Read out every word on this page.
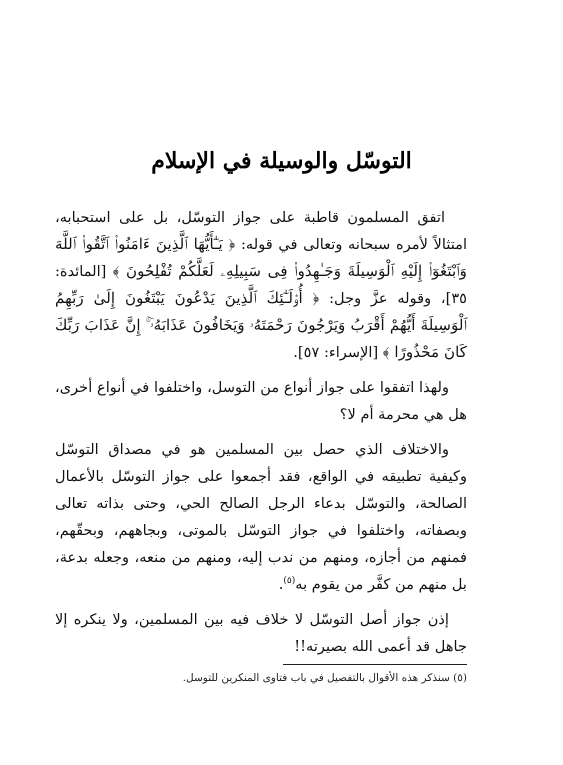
التوسّل والوسيلة في الإسلام

اتفق المسلمون قاطبة على جواز التوسّل، بل على استحبابه، امتثالاً لأمره سبحانه وتعالى في قوله: ﴿ يَـٰٓأَيُّهَا ٱلَّذِينَ ءَامَنُوا۟ ٱتَّقُوا۟ ٱللَّهَ وَٱبْتَغُوٓا۟ إِلَيْهِ ٱلْوَسِيلَةَ وَجَـٰهِدُوا۟ فِى سَبِيلِهِۦ لَعَلَّكُمْ تُفْلِحُونَ ﴾ [المائدة: ٣٥]، وقوله عزَّ وجل: ﴿ أُو۟لَـٰٓئِكَ ٱلَّذِينَ يَدْعُونَ يَبْتَغُونَ إِلَىٰ رَبِّهِمُ ٱلْوَسِيلَةَ أَيُّهُمْ أَقْرَبُ وَيَرْجُونَ رَحْمَتَهُۥ وَيَخَافُونَ عَذَابَهُۥٓ ۚ إِنَّ عَذَابَ رَبِّكَ كَانَ مَحْذُورًا ﴾ [الإسراء: ٥٧].

ولهذا اتفقوا على جواز أنواع من التوسل، واختلفوا في أنواع أخرى، هل هي محرمة أم لا؟

والاختلاف الذي حصل بين المسلمين هو في مصداق التوسّل وكيفية تطبيقه في الواقع، فقد أجمعوا على جواز التوسّل بالأعمال الصالحة، والتوسّل بدعاء الرجل الصالح الحي، وحتى بذاته تعالى وبصفاته، واختلفوا في جواز التوسّل بالموتى، وبجاههم، وبحقّهم، فمنهم من أجازه، ومنهم من ندب إليه، ومنهم من منعه، وجعله بدعة، بل منهم من كفَّر من يقوم به$^{(٥)}$.

إذن جواز أصل التوسّل لا خلاف فيه بين المسلمين، ولا ينكره إلا جاهل قد أعمى الله بصيرته!!

(٥) سنذكر هذه الأقوال بالتفصيل في باب فتاوى المنكرين للتوسل.
